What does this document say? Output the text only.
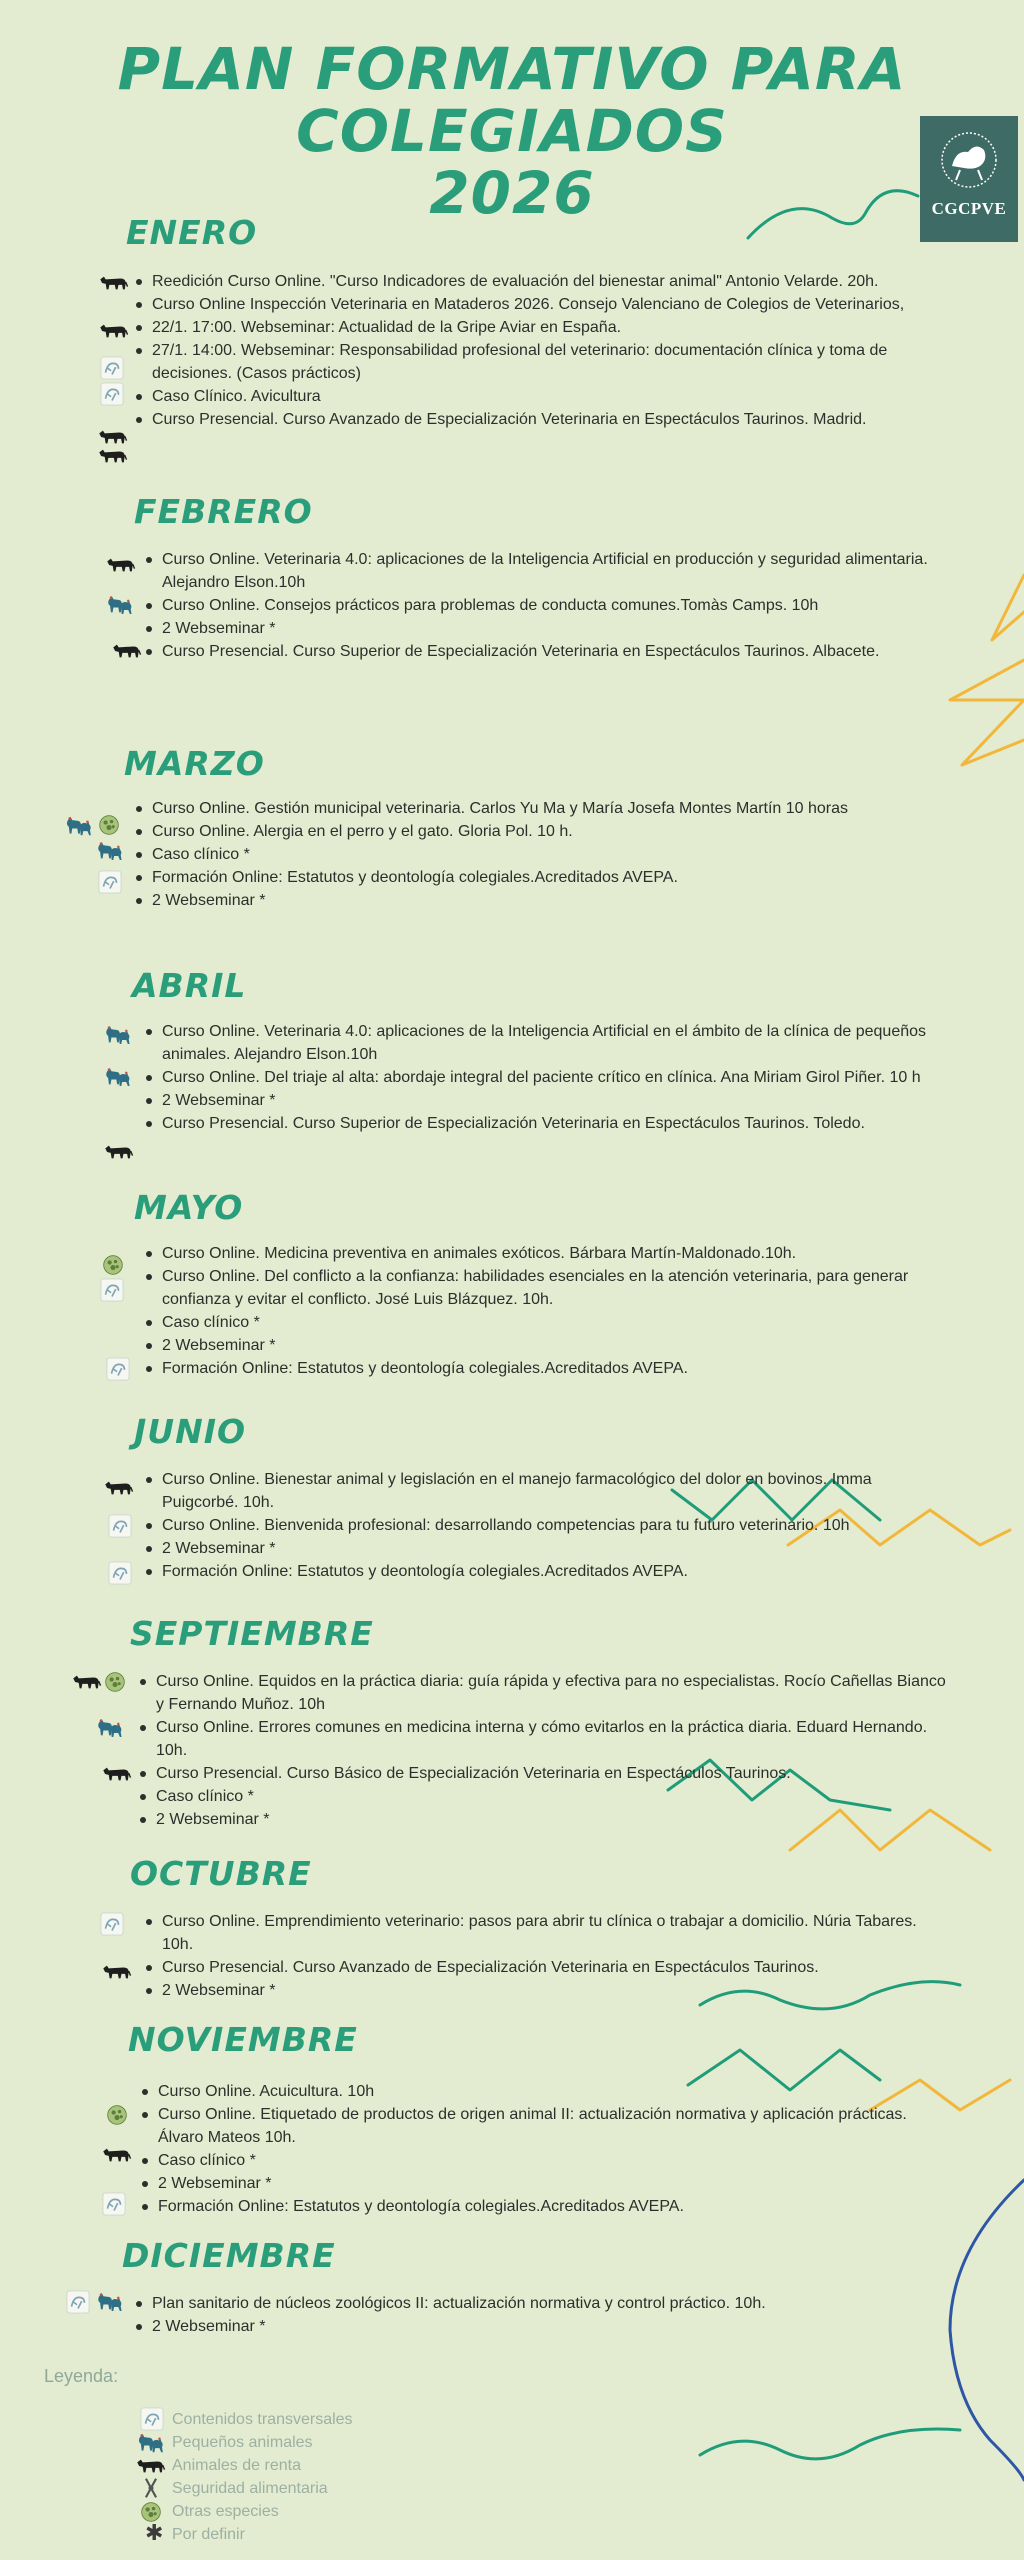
PLAN FORMATIVO PARA COLEGIADOS
2026	CGCPVE
ENERO
Reedición Curso Online. "Curso Indicadores de evaluación del bienestar animal" Antonio Velarde. 20h.
Curso Online Inspección Veterinaria en Mataderos 2026. Consejo Valenciano de Colegios de Veterinarios,
22/1. 17:00. Webseminar: Actualidad de la Gripe Aviar en España.
27/1. 14:00. Webseminar: Responsabilidad profesional del veterinario: documentación clínica y toma de decisiones. (Casos prácticos)
Caso Clínico. Avicultura
Curso Presencial. Curso Avanzado de Especialización Veterinaria en Espectáculos Taurinos. Madrid.
FEBRERO
Curso Online. Veterinaria 4.0: aplicaciones de la Inteligencia Artificial en producción y seguridad alimentaria. Alejandro Elson.10h
Curso Online. Consejos prácticos para problemas de conducta comunes.Tomàs Camps. 10h
2 Webseminar *
Curso Presencial. Curso Superior de Especialización Veterinaria en Espectáculos Taurinos. Albacete.
MARZO
Curso Online. Gestión municipal veterinaria. Carlos Yu Ma y María Josefa Montes Martín 10 horas
Curso Online. Alergia en el perro y el gato. Gloria Pol. 10 h.
Caso clínico *
Formación Online: Estatutos y deontología colegiales.Acreditados AVEPA.
2 Webseminar *
ABRIL
Curso Online. Veterinaria 4.0: aplicaciones de la Inteligencia Artificial en el ámbito de la clínica de pequeños animales. Alejandro Elson.10h
Curso Online. Del triaje al alta: abordaje integral del paciente crítico en clínica. Ana Miriam Girol Piñer. 10 h
2 Webseminar *
Curso Presencial. Curso Superior de Especialización Veterinaria en Espectáculos Taurinos. Toledo.
MAYO
Curso Online. Medicina preventiva en animales exóticos. Bárbara Martín-Maldonado.10h.
Curso Online. Del conflicto a la confianza: habilidades esenciales en la atención veterinaria, para generar confianza y evitar el conflicto. José Luis Blázquez. 10h.
Caso clínico *
2 Webseminar *
Formación Online: Estatutos y deontología colegiales.Acreditados AVEPA.
JUNIO
Curso Online. Bienestar animal y legislación en el manejo farmacológico del dolor en bovinos. Imma Puigcorbé. 10h.
Curso Online. Bienvenida profesional: desarrollando competencias para tu futuro veterinario. 10h
2 Webseminar *
Formación Online: Estatutos y deontología colegiales.Acreditados AVEPA.
SEPTIEMBRE
Curso Online. Equidos en la práctica diaria: guía rápida y efectiva para no especialistas. Rocío Cañellas Bianco y Fernando Muñoz. 10h
Curso Online. Errores comunes en medicina interna y cómo evitarlos en la práctica diaria. Eduard Hernando. 10h.
Curso Presencial. Curso Básico de Especialización Veterinaria en Espectáculos Taurinos.
Caso clínico *
2 Webseminar *
OCTUBRE
Curso Online. Emprendimiento veterinario: pasos para abrir tu clínica o trabajar a domicilio. Núria Tabares. 10h.
Curso Presencial. Curso Avanzado de Especialización Veterinaria en Espectáculos Taurinos.
2 Webseminar *
NOVIEMBRE
Curso Online. Acuicultura. 10h
Curso Online. Etiquetado de productos de origen animal II: actualización normativa y aplicación prácticas. Álvaro Mateos 10h.
Caso clínico *
2 Webseminar *
Formación Online: Estatutos y deontología colegiales.Acreditados AVEPA.
DICIEMBRE
Plan sanitario de núcleos zoológicos II: actualización normativa y control práctico. 10h.
2 Webseminar *
Leyenda:
Contenidos transversales
Pequeños animales
Animales de renta
Seguridad alimentaria
Otras especies
✱ Por definir
